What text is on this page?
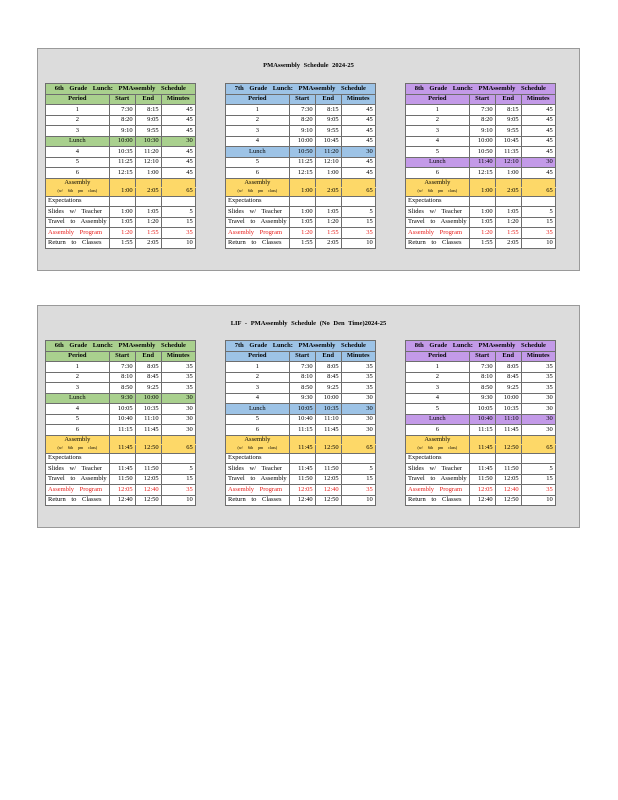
PMAssembly Schedule 2024-25
6th Grade Lunch: PMAssembly Schedule			
Period	Start	End	Minutes
1	7:30	8:15	45
2	8:20	9:05	45
3	9:10	9:55	45
Lunch	10:00	10:30	30
4	10:35	11:20	45
5	11:25	12:10	45
6	12:15	1:00	45
Assembly			
(w/ 6th pm class)	1:00	2:05	65
Expectations			
Slides w/ Teacher	1:00	1:05	5
Travel to Assembly	1:05	1:20	15
Assembly Program	1:20	1:55	35
Return to Classes	1:55	2:05	10
7th Grade Lunch: PMAssembly Schedule			
Period	Start	End	Minutes
1	7:30	8:15	45
2	8:20	9:05	45
3	9:10	9:55	45
4	10:00	10:45	45
Lunch	10:50	11:20	30
5	11:25	12:10	45
6	12:15	1:00	45
Assembly			
(w/ 6th pm class)	1:00	2:05	65
Expectations			
Slides w/ Teacher	1:00	1:05	5
Travel to Assembly	1:05	1:20	15
Assembly Program	1:20	1:55	35
Return to Classes	1:55	2:05	10
8th Grade Lunch: PMAssembly Schedule			
Period	Start	End	Minutes
1	7:30	8:15	45
2	8:20	9:05	45
3	9:10	9:55	45
4	10:00	10:45	45
5	10:50	11:35	45
Lunch	11:40	12:10	30
6	12:15	1:00	45
Assembly			
(w/ 6th pm class)	1:00	2:05	65
Expectations			
Slides w/ Teacher	1:00	1:05	5
Travel to Assembly	1:05	1:20	15
Assembly Program	1:20	1:55	35
Return to Classes	1:55	2:05	10
LIF - PMAssembly Schedule (No Den Time)2024-25
6th Grade Lunch: PMAssembly Schedule			
Period	Start	End	Minutes
1	7:30	8:05	35
2	8:10	8:45	35
3	8:50	9:25	35
Lunch	9:30	10:00	30
4	10:05	10:35	30
5	10:40	11:10	30
6	11:15	11:45	30
Assembly			
(w/ 6th pm class)	11:45	12:50	65
Expectations			
Slides w/ Teacher	11:45	11:50	5
Travel to Assembly	11:50	12:05	15
Assembly Program	12:05	12:40	35
Return to Classes	12:40	12:50	10
7th Grade Lunch: PMAssembly Schedule			
Period	Start	End	Minutes
1	7:30	8:05	35
2	8:10	8:45	35
3	8:50	9:25	35
4	9:30	10:00	30
Lunch	10:05	10:35	30
5	10:40	11:10	30
6	11:15	11:45	30
Assembly			
(w/ 6th pm class)	11:45	12:50	65
Expectations			
Slides w/ Teacher	11:45	11:50	5
Travel to Assembly	11:50	12:05	15
Assembly Program	12:05	12:40	35
Return to Classes	12:40	12:50	10
8th Grade Lunch: PMAssembly Schedule			
Period	Start	End	Minutes
1	7:30	8:05	35
2	8:10	8:45	35
3	8:50	9:25	35
4	9:30	10:00	30
5	10:05	10:35	30
Lunch	10:40	11:10	30
6	11:15	11:45	30
Assembly			
(w/ 6th pm class)	11:45	12:50	65
Expectations			
Slides w/ Teacher	11:45	11:50	5
Travel to Assembly	11:50	12:05	15
Assembly Program	12:05	12:40	35
Return to Classes	12:40	12:50	10
